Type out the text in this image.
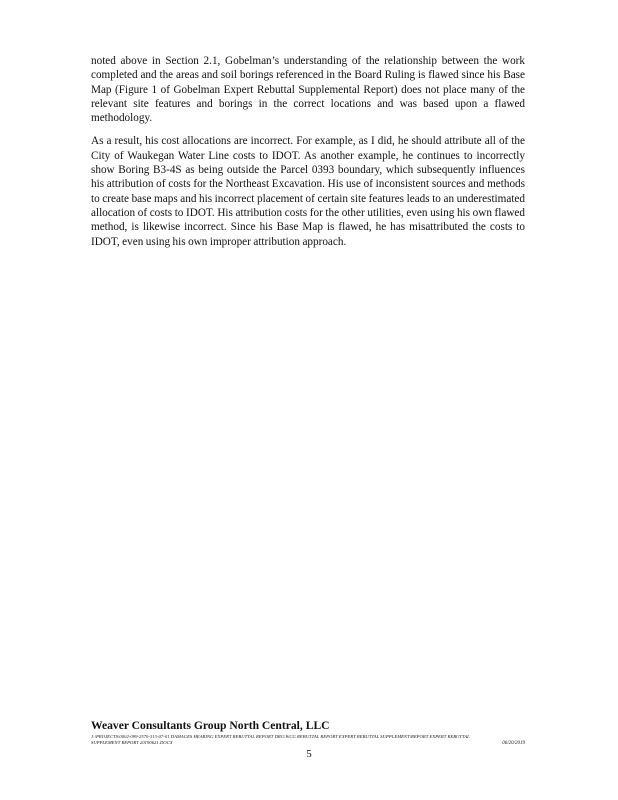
noted above in Section 2.1, Gobelman’s understanding of the relationship between the work completed and the areas and soil borings referenced in the Board Ruling is flawed since his Base Map (Figure 1 of Gobelman Expert Rebuttal Supplemental Report) does not place many of the relevant site features and borings in the correct locations and was based upon a flawed methodology.

As a result, his cost allocations are incorrect. For example, as I did, he should attribute all of the City of Waukegan Water Line costs to IDOT. As another example, he continues to incorrectly show Boring B3-4S as being outside the Parcel 0393 boundary, which subsequently influences his attribution of costs for the Northeast Excavation. His use of inconsistent sources and methods to create base maps and his incorrect placement of certain site features leads to an underestimated allocation of costs to IDOT. His attribution costs for the other utilities, even using his own flawed method, is likewise incorrect. Since his Base Map is flawed, he has misattributed the costs to IDOT, even using his own improper attribution approach.

Weaver Consultants Group North Central, LLC

J:\PROJECTS\0002-099-2570-313-07-01 DAMAGES HEARING EXPERT REBUTTAL REPORT DRG\WCG REBUTTAL REPORT EXPERT REBUTTAL SUPPLEMENT\REPORT EXPERT REBUTTAL SUPPLEMENT REPORT 20190621.DOCX	06/20/2019
5
